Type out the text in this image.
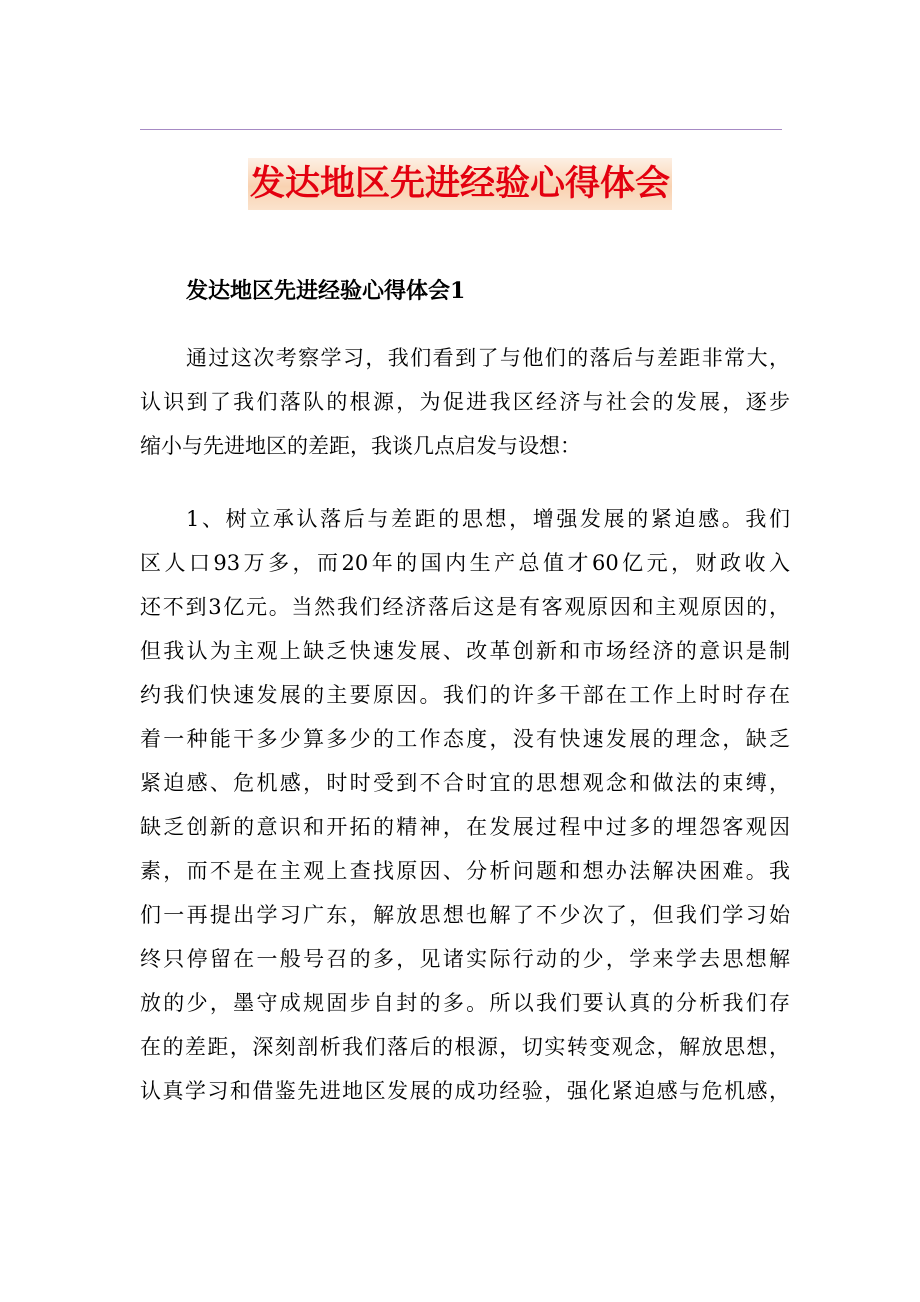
发达地区先进经验心得体会
发达地区先进经验心得体会1
通过这次考察学习，我们看到了与他们的落后与差距非常大，
认识到了我们落队的根源，为促进我区经济与社会的发展，逐步
缩小与先进地区的差距，我谈几点启发与设想：
1、树立承认落后与差距的思想，增强发展的紧迫感。我们
区人口93万多，而20年的国内生产总值才60亿元，财政收入
还不到3亿元。当然我们经济落后这是有客观原因和主观原因的，
但我认为主观上缺乏快速发展、改革创新和市场经济的意识是制
约我们快速发展的主要原因。我们的许多干部在工作上时时存在
着一种能干多少算多少的工作态度，没有快速发展的理念，缺乏
紧迫感、危机感，时时受到不合时宜的思想观念和做法的束缚，
缺乏创新的意识和开拓的精神，在发展过程中过多的埋怨客观因
素，而不是在主观上查找原因、分析问题和想办法解决困难。我
们一再提出学习广东，解放思想也解了不少次了，但我们学习始
终只停留在一般号召的多，见诸实际行动的少，学来学去思想解
放的少，墨守成规固步自封的多。所以我们要认真的分析我们存
在的差距，深刻剖析我们落后的根源，切实转变观念，解放思想，
认真学习和借鉴先进地区发展的成功经验，强化紧迫感与危机感，
